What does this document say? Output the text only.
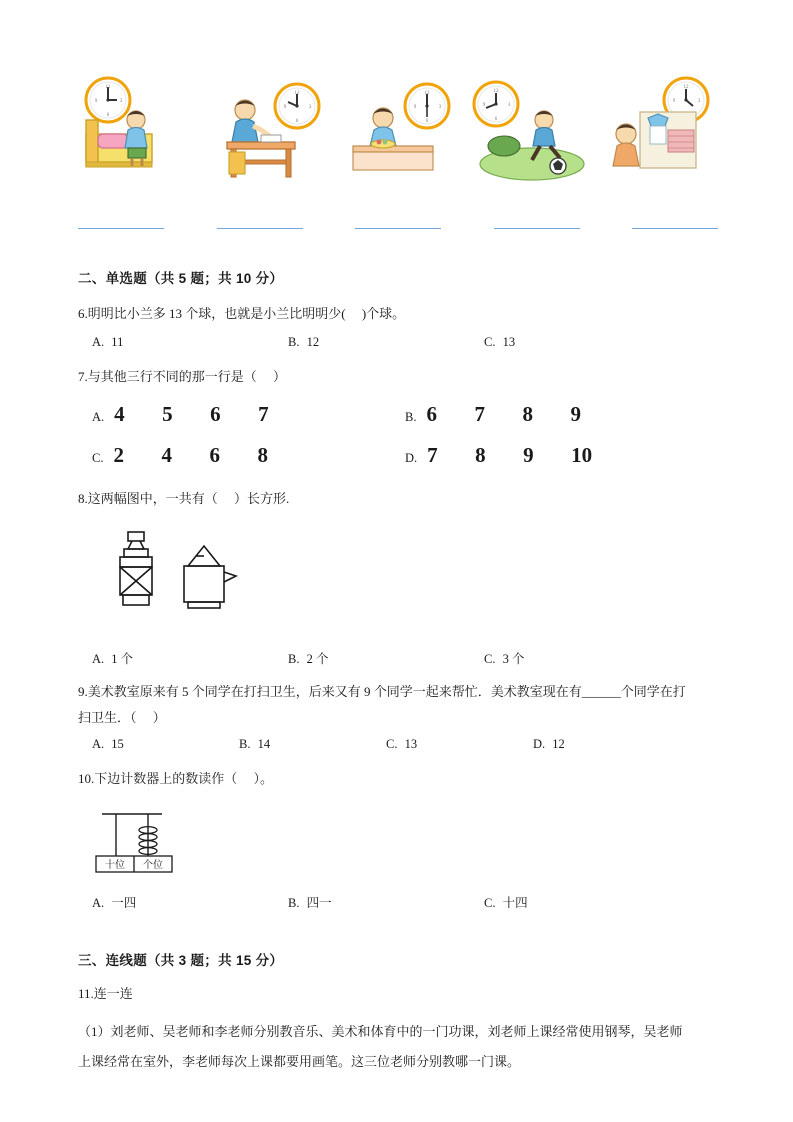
12
3
6
9
12
3
6
9
12
3
6
9
12
3
6
9
12
3
9
二、单选题（共 5 题；共 10 分）
6.明明比小兰多 13 个球，也就是小兰比明明少(　 )个球。
A. 11	B. 12	C. 13
7.与其他三行不同的那一行是（　 ）
A. 4	5	6	7	B. 6	7	8	9
C. 2	4	6	8	D. 7	8	9	10
8.这两幅图中，一共有（　 ）长方形.
A. 1 个	B. 2 个	C. 3 个
9.美术教室原来有 5 个同学在打扫卫生，后来又有 9 个同学一起来帮忙．美术教室现在有______个同学在打
扫卫生．（　 ）
A. 15	B. 14	C. 13	D. 12
10.下边计数器上的数读作（　 ）。
十位 个位
A. 一四	B. 四一	C. 十四
三、连线题（共 3 题；共 15 分）
11.连一连
（1）刘老师、吴老师和李老师分别教音乐、美术和体育中的一门功课，刘老师上课经常使用钢琴，吴老师
上课经常在室外，李老师每次上课都要用画笔。这三位老师分别教哪一门课。
